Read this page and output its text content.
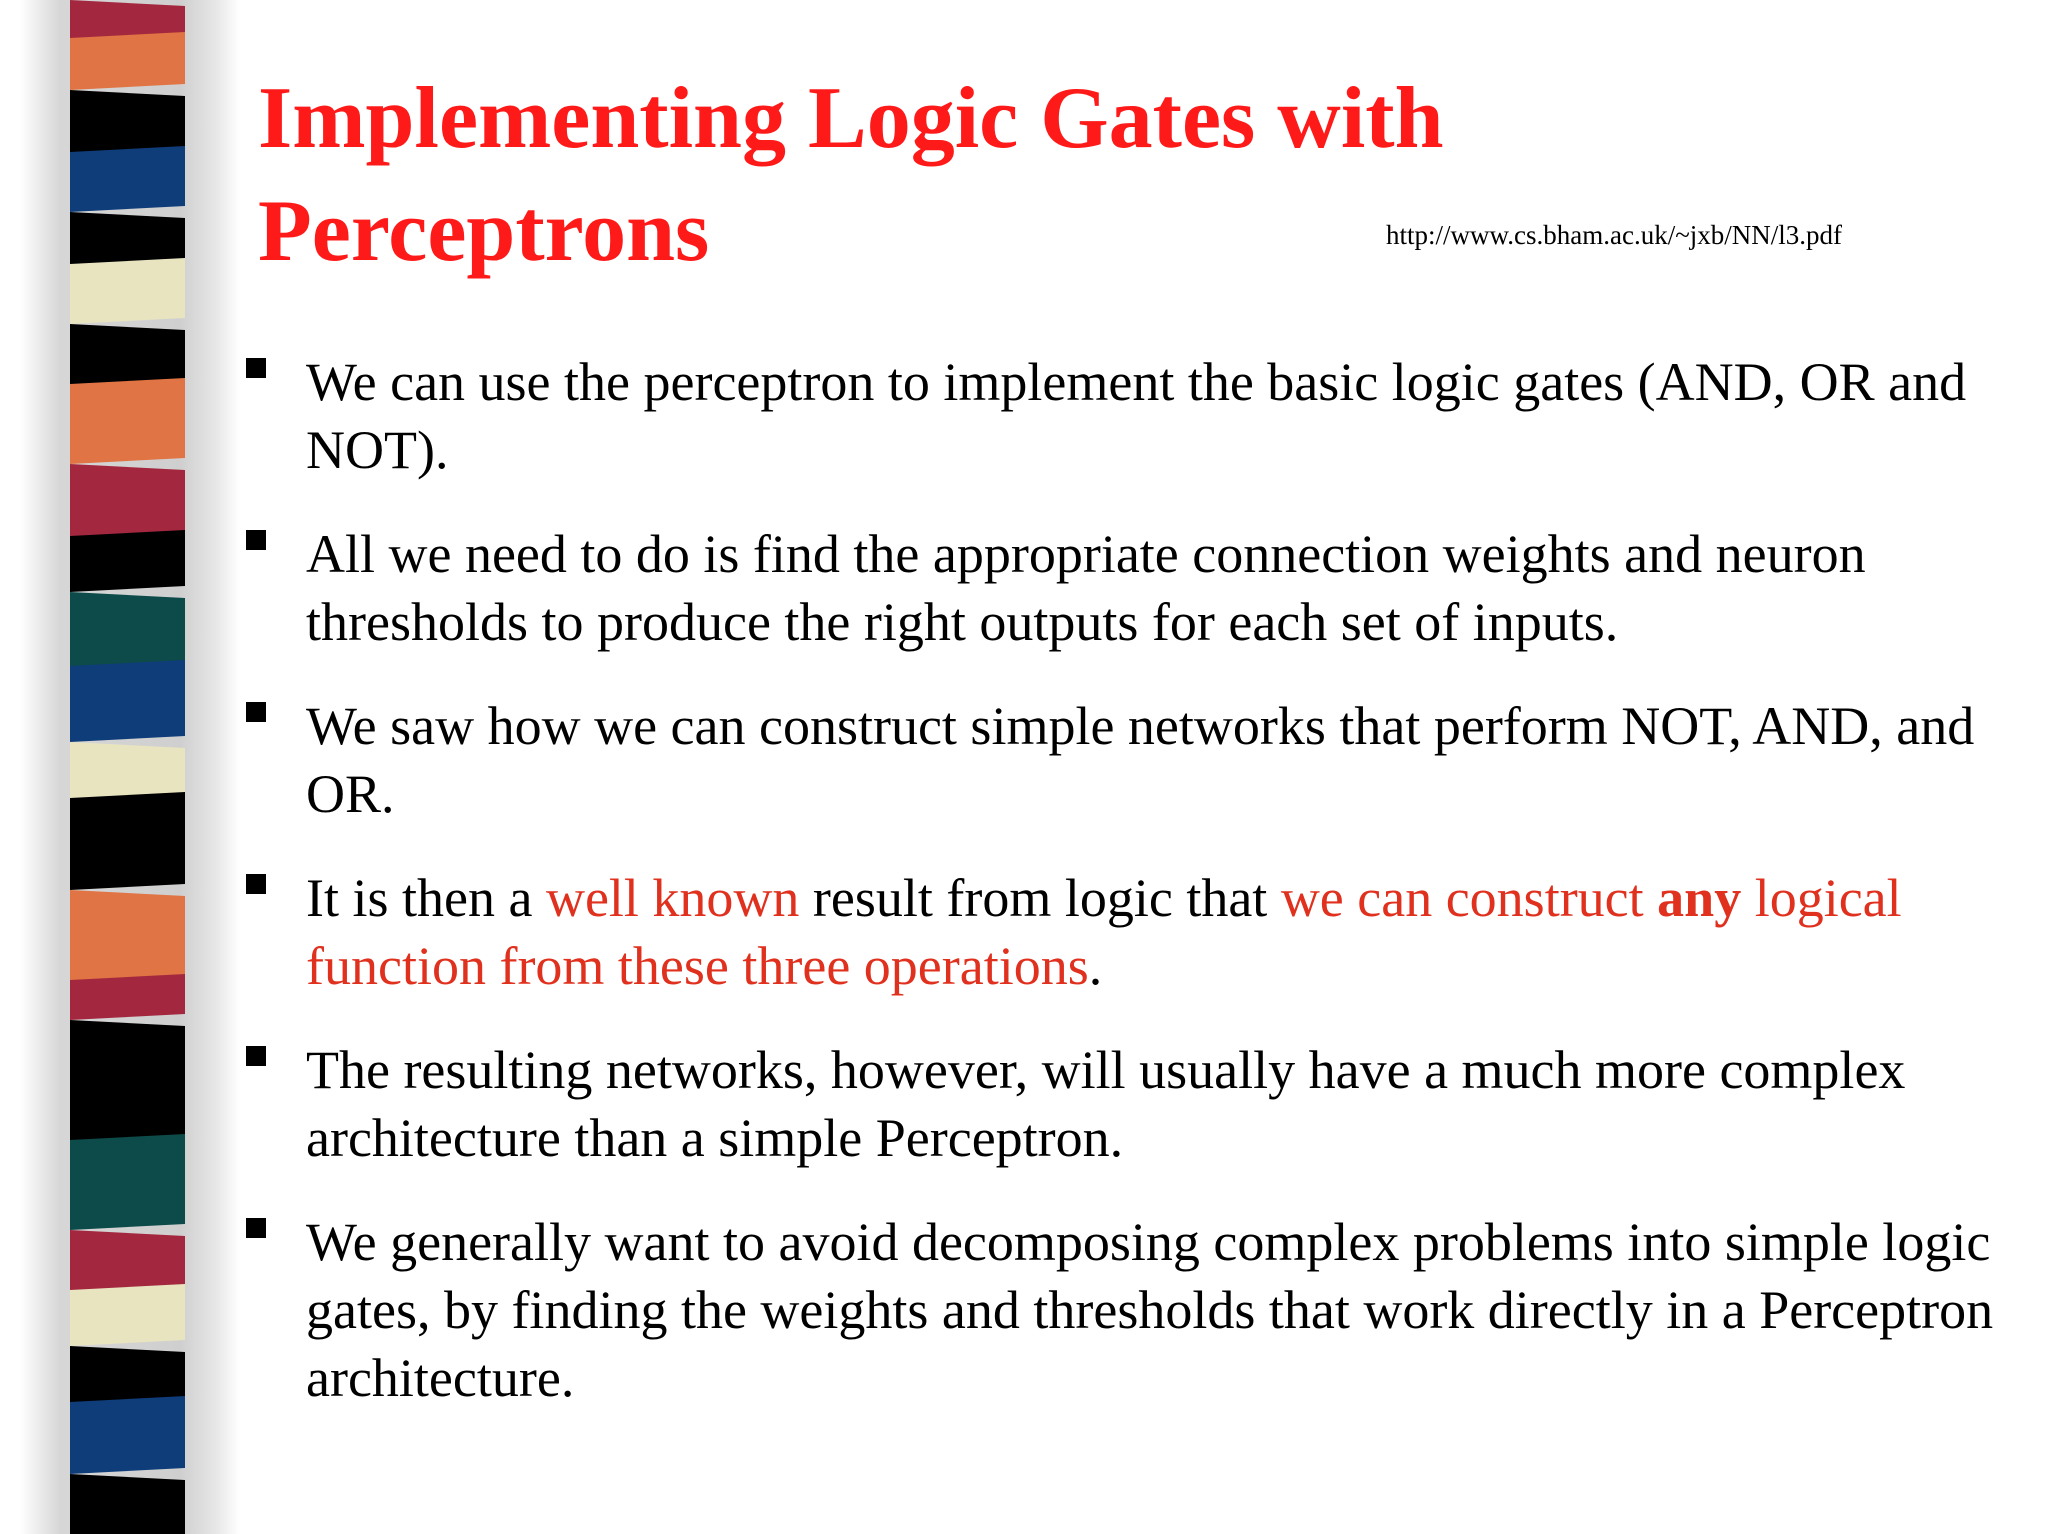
Implementing Logic Gates with Perceptrons	http://www.cs.bham.ac.uk/~jxb/NN/l3.pdf
We can use the perceptron to implement the basic logic gates (AND, OR and NOT).
All we need to do is find the appropriate connection weights and neuron thresholds to produce the right outputs for each set of inputs.
We saw how we can construct simple networks that perform NOT, AND, and OR.
It is then a well known result from logic that we can construct any logical function from these three operations.
The resulting networks, however, will usually have a much more complex architecture than a simple Perceptron.
We generally want to avoid decomposing complex problems into simple logic gates, by finding the weights and thresholds that work directly in a Perceptron architecture.
